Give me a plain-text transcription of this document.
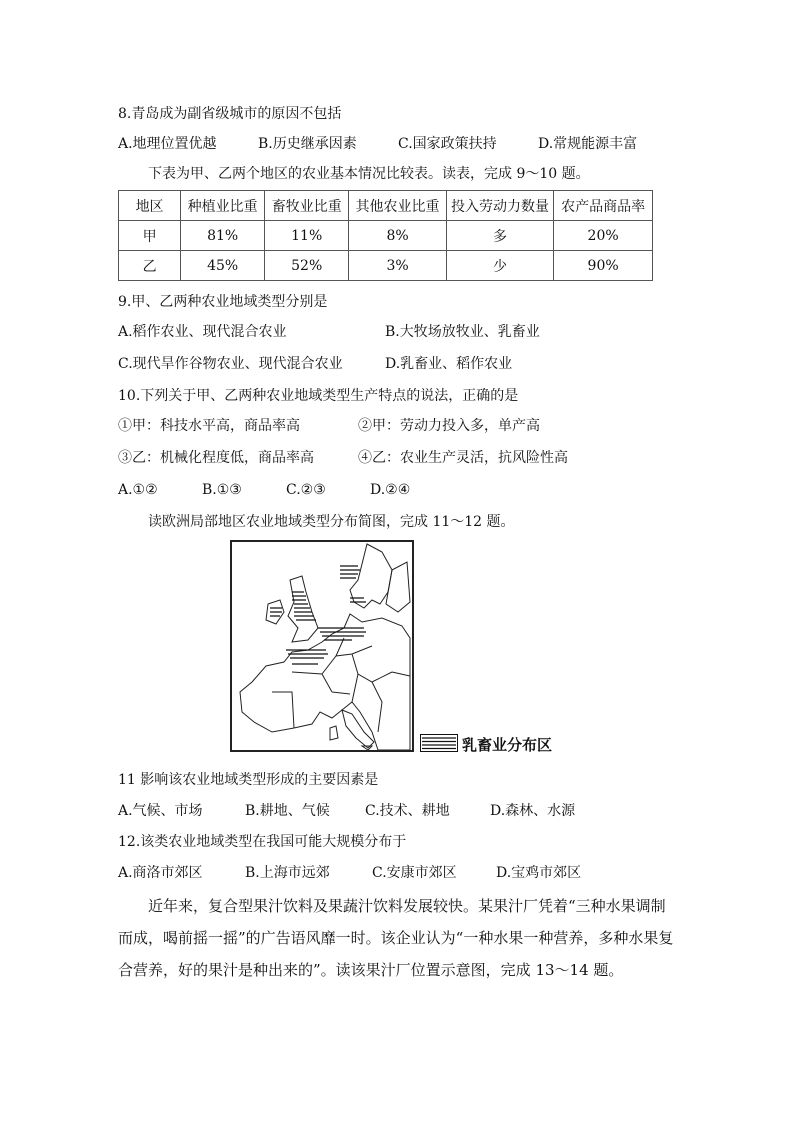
8.青岛成为副省级城市的原因不包括
A.地理位置优越	B.历史继承因素	C.国家政策扶持	D.常规能源丰富
下表为甲、乙两个地区的农业基本情况比较表。读表，完成 9～10 题。
地区	种植业比重	畜牧业比重	其他农业比重	投入劳动力数量	农产品商品率
甲	81%	11%	8%	多	20%
乙	45%	52%	3%	少	90%
9.甲、乙两种农业地域类型分别是
A.稻作农业、现代混合农业	B.大牧场放牧业、乳畜业
C.现代旱作谷物农业、现代混合农业	D.乳畜业、稻作农业
10.下列关于甲、乙两种农业地域类型生产特点的说法，正确的是
①甲：科技水平高，商品率高	②甲：劳动力投入多，单产高
③乙：机械化程度低，商品率高	④乙：农业生产灵活，抗风险性高
A.①②	B.①③	C.②③	D.②④
读欧洲局部地区农业地域类型分布简图，完成 11～12 题。
乳畜业分布区
11 影响该农业地域类型形成的主要因素是
A.气候、市场	B.耕地、气候	C.技术、耕地	D.森林、水源
12.该类农业地域类型在我国可能大规模分布于
A.商洛市郊区	B.上海市远郊	C.安康市郊区	D.宝鸡市郊区
近年来，复合型果汁饮料及果蔬汁饮料发展较快。某果汁厂凭着“三种水果调制而成，喝前摇一摇”的广告语风靡一时。该企业认为“一种水果一种营养，多种水果复合营养，好的果汁是种出来的”。读该果汁厂位置示意图，完成 13～14 题。
